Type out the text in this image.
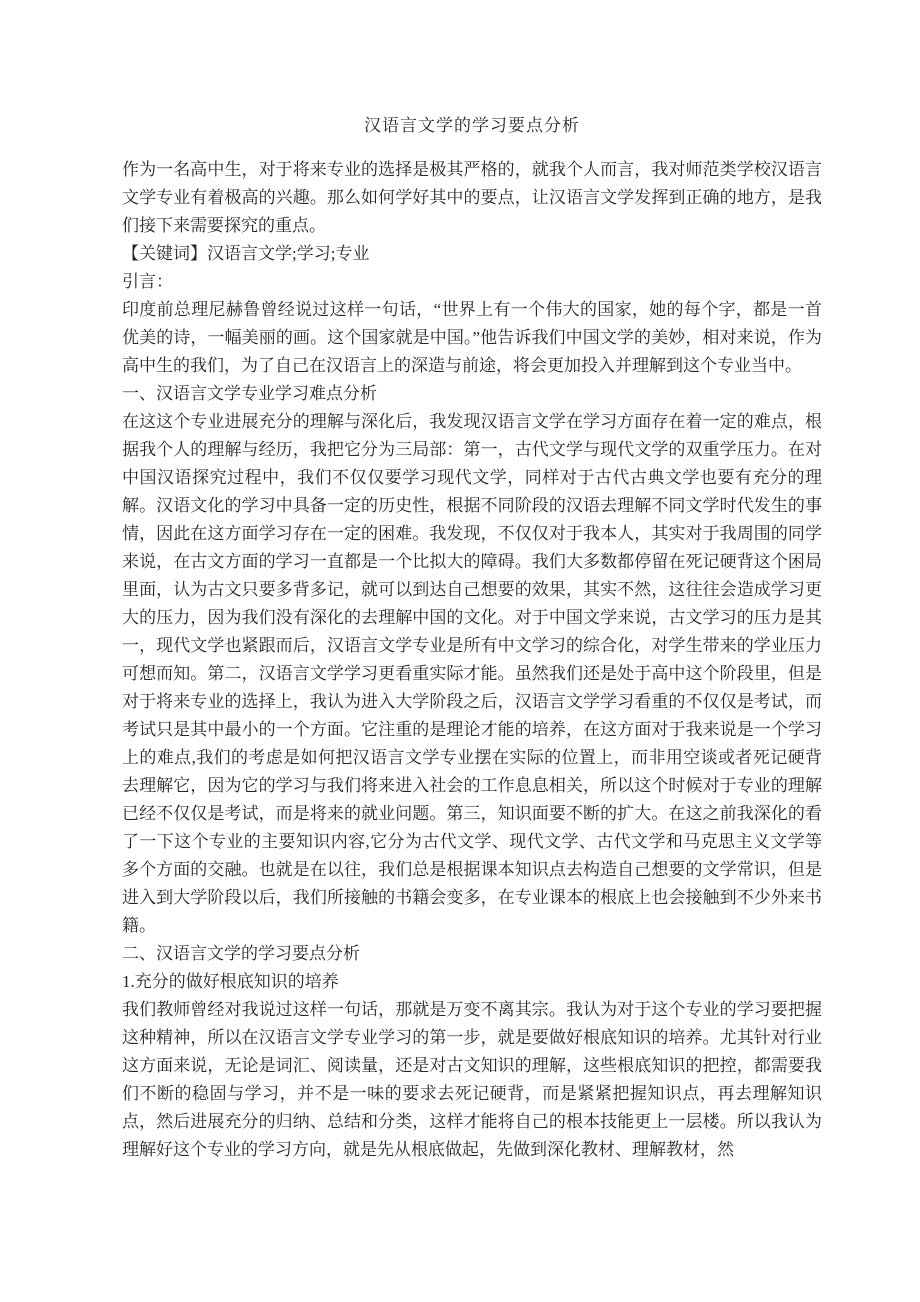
汉语言文学的学习要点分析

作为一名高中生，对于将来专业的选择是极其严格的，就我个人而言，我对师范类学校汉语言文学专业有着极高的兴趣。那么如何学好其中的要点，让汉语言文学发挥到正确的地方，是我们接下来需要探究的重点。

【关键词】汉语言文学;学习;专业

引言：

印度前总理尼赫鲁曾经说过这样一句话，“世界上有一个伟大的国家，她的每个字，都是一首优美的诗，一幅美丽的画。这个国家就是中国。”他告诉我们中国文学的美妙，相对来说，作为高中生的我们，为了自己在汉语言上的深造与前途，将会更加投入并理解到这个专业当中。

一、汉语言文学专业学习难点分析

在这这个专业进展充分的理解与深化后，我发现汉语言文学在学习方面存在着一定的难点，根据我个人的理解与经历，我把它分为三局部：第一，古代文学与现代文学的双重学压力。在对中国汉语探究过程中，我们不仅仅要学习现代文学，同样对于古代古典文学也要有充分的理解。汉语文化的学习中具备一定的历史性，根据不同阶段的汉语去理解不同文学时代发生的事情，因此在这方面学习存在一定的困难。我发现，不仅仅对于我本人，其实对于我周围的同学来说，在古文方面的学习一直都是一个比拟大的障碍。我们大多数都停留在死记硬背这个困局里面，认为古文只要多背多记，就可以到达自己想要的效果，其实不然，这往往会造成学习更大的压力，因为我们没有深化的去理解中国的文化。对于中国文学来说，古文学习的压力是其一，现代文学也紧跟而后，汉语言文学专业是所有中文学习的综合化，对学生带来的学业压力可想而知。第二，汉语言文学学习更看重实际才能。虽然我们还是处于高中这个阶段里，但是对于将来专业的选择上，我认为进入大学阶段之后，汉语言文学学习看重的不仅仅是考试，而考试只是其中最小的一个方面。它注重的是理论才能的培养，在这方面对于我来说是一个学习上的难点,我们的考虑是如何把汉语言文学专业摆在实际的位置上，而非用空谈或者死记硬背去理解它，因为它的学习与我们将来进入社会的工作息息相关，所以这个时候对于专业的理解已经不仅仅是考试，而是将来的就业问题。第三，知识面要不断的扩大。在这之前我深化的看了一下这个专业的主要知识内容,它分为古代文学、现代文学、古代文学和马克思主义文学等多个方面的交融。也就是在以往，我们总是根据课本知识点去构造自己想要的文学常识，但是进入到大学阶段以后，我们所接触的书籍会变多，在专业课本的根底上也会接触到不少外来书籍。

二、汉语言文学的学习要点分析

1.充分的做好根底知识的培养

我们教师曾经对我说过这样一句话，那就是万变不离其宗。我认为对于这个专业的学习要把握这种精神，所以在汉语言文学专业学习的第一步，就是要做好根底知识的培养。尤其针对行业这方面来说，无论是词汇、阅读量，还是对古文知识的理解，这些根底知识的把控，都需要我们不断的稳固与学习，并不是一味的要求去死记硬背，而是紧紧把握知识点，再去理解知识点，然后进展充分的归纳、总结和分类，这样才能将自己的根本技能更上一层楼。所以我认为理解好这个专业的学习方向，就是先从根底做起，先做到深化教材、理解教材，然
